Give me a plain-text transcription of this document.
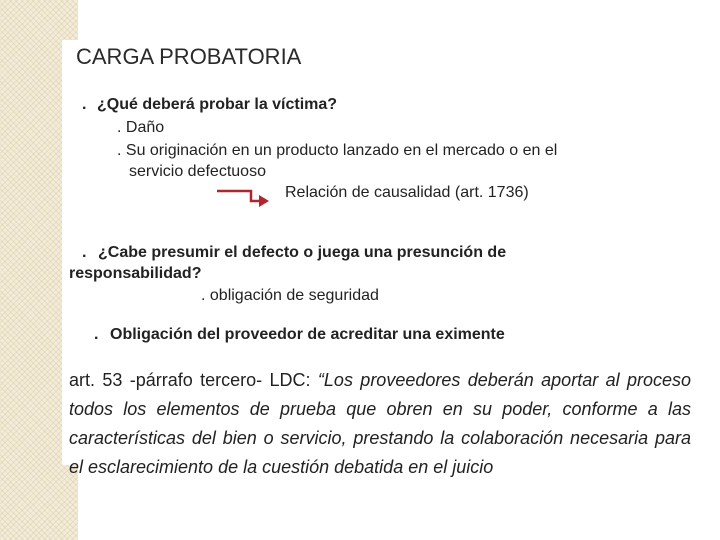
CARGA PROBATORIA
. ¿Qué deberá probar la víctima?
. Daño
. Su originación en un producto lanzado en el mercado o en el
servicio defectuoso
Relación de causalidad (art. 1736)
. ¿Cabe presumir el defecto o juega una presunción de
responsabilidad?
. obligación de seguridad
. Obligación del proveedor de acreditar una eximente
art. 53 -párrafo tercero- LDC: “Los proveedores deberán aportar al proceso todos los elementos de prueba que obren en su poder, conforme a las características del bien o servicio, prestando la colaboración necesaria para el esclarecimiento de la cuestión debatida en el juicio
